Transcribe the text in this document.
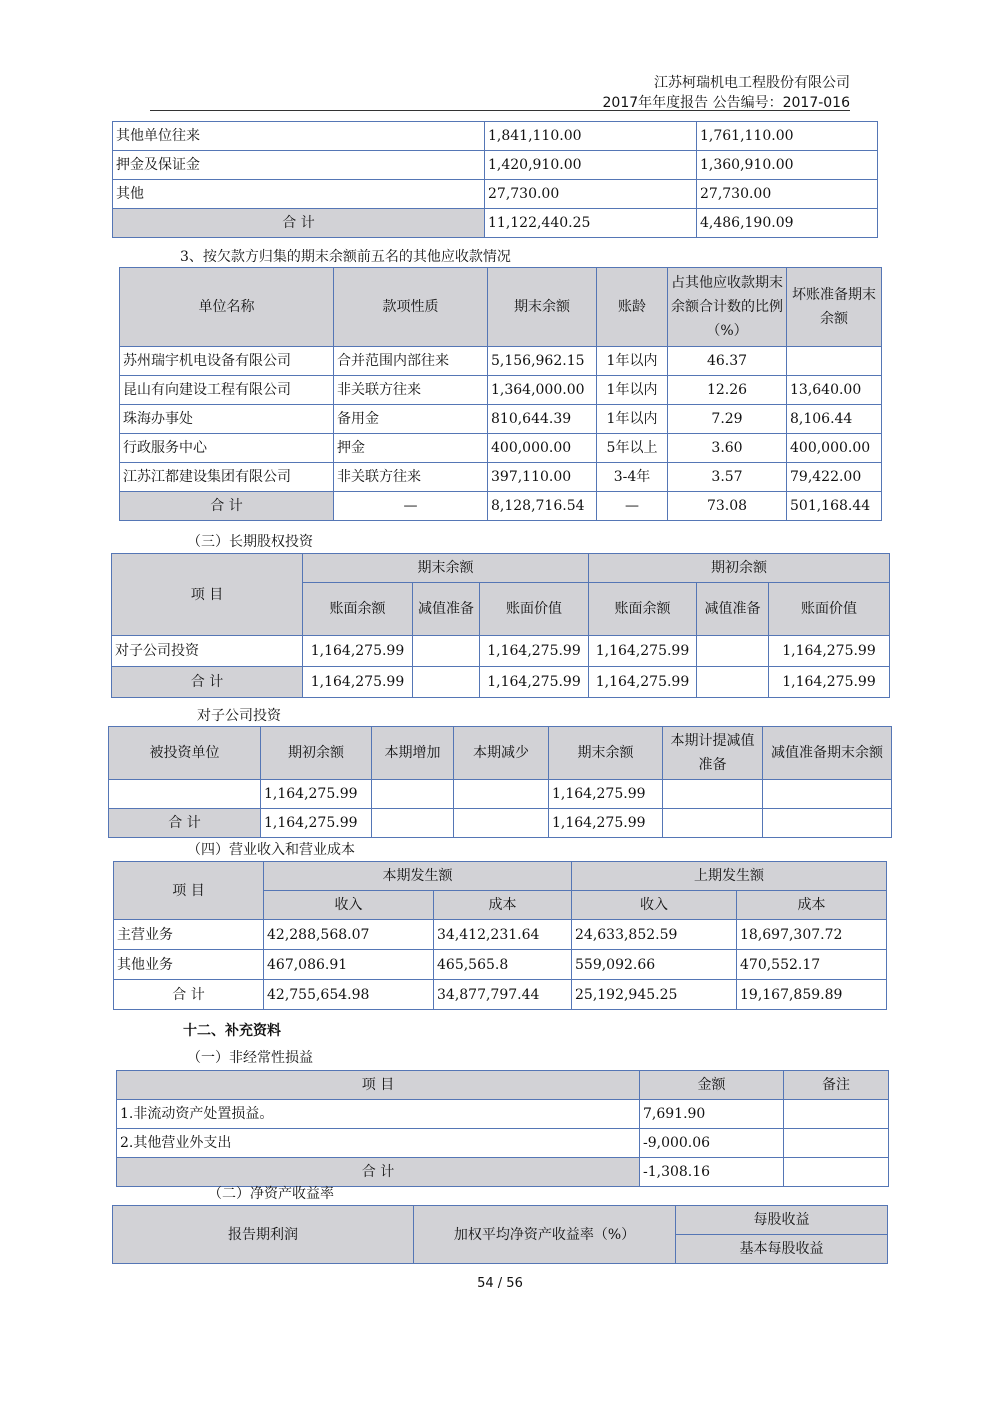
江苏柯瑞机电工程股份有限公司
2017年年度报告 公告编号：2017-016
其他单位往来	1,841,110.00	1,761,110.00
押金及保证金	1,420,910.00	1,360,910.00
其他	27,730.00	27,730.00
合 计	11,122,440.25	4,486,190.09
3、按欠款方归集的期末余额前五名的其他应收款情况
单位名称	款项性质	期末余额	账龄	占其他应收款期末余额合计数的比例（%）	坏账准备期末余额
苏州瑞宇机电设备有限公司	合并范围内部往来	5,156,962.15	1年以内	46.37	
昆山有向建设工程有限公司	非关联方往来	1,364,000.00	1年以内	12.26	13,640.00
珠海办事处	备用金	810,644.39	1年以内	7.29	8,106.44
行政服务中心	押金	400,000.00	5年以上	3.60	400,000.00
江苏江都建设集团有限公司	非关联方往来	397,110.00	3-4年	3.57	79,422.00
合 计	—	8,128,716.54	—	73.08	501,168.44
（三）长期股权投资
项 目	期末余额			期初余额		
	账面余额	减值准备	账面价值	账面余额	减值准备	账面价值
对子公司投资	1,164,275.99		1,164,275.99	1,164,275.99		1,164,275.99
合 计	1,164,275.99		1,164,275.99	1,164,275.99		1,164,275.99
对子公司投资
被投资单位	期初余额	本期增加	本期减少	期末余额	本期计提减值准备	减值准备期末余额
	1,164,275.99			1,164,275.99		
合 计	1,164,275.99			1,164,275.99		
（四）营业收入和营业成本
项 目	本期发生额		上期发生额	
	收入	成本	收入	成本
主营业务	42,288,568.07	34,412,231.64	24,633,852.59	18,697,307.72
其他业务	467,086.91	465,565.8	559,092.66	470,552.17
合 计	42,755,654.98	34,877,797.44	25,192,945.25	19,167,859.89
十二、补充资料
（一）非经常性损益
项 目	金额	备注
1.非流动资产处置损益。	7,691.90	
2.其他营业外支出	-9,000.06	
合 计	-1,308.16	
（二）净资产收益率
报告期利润	加权平均净资产收益率（%）	每股收益
基本每股收益
54 / 56
